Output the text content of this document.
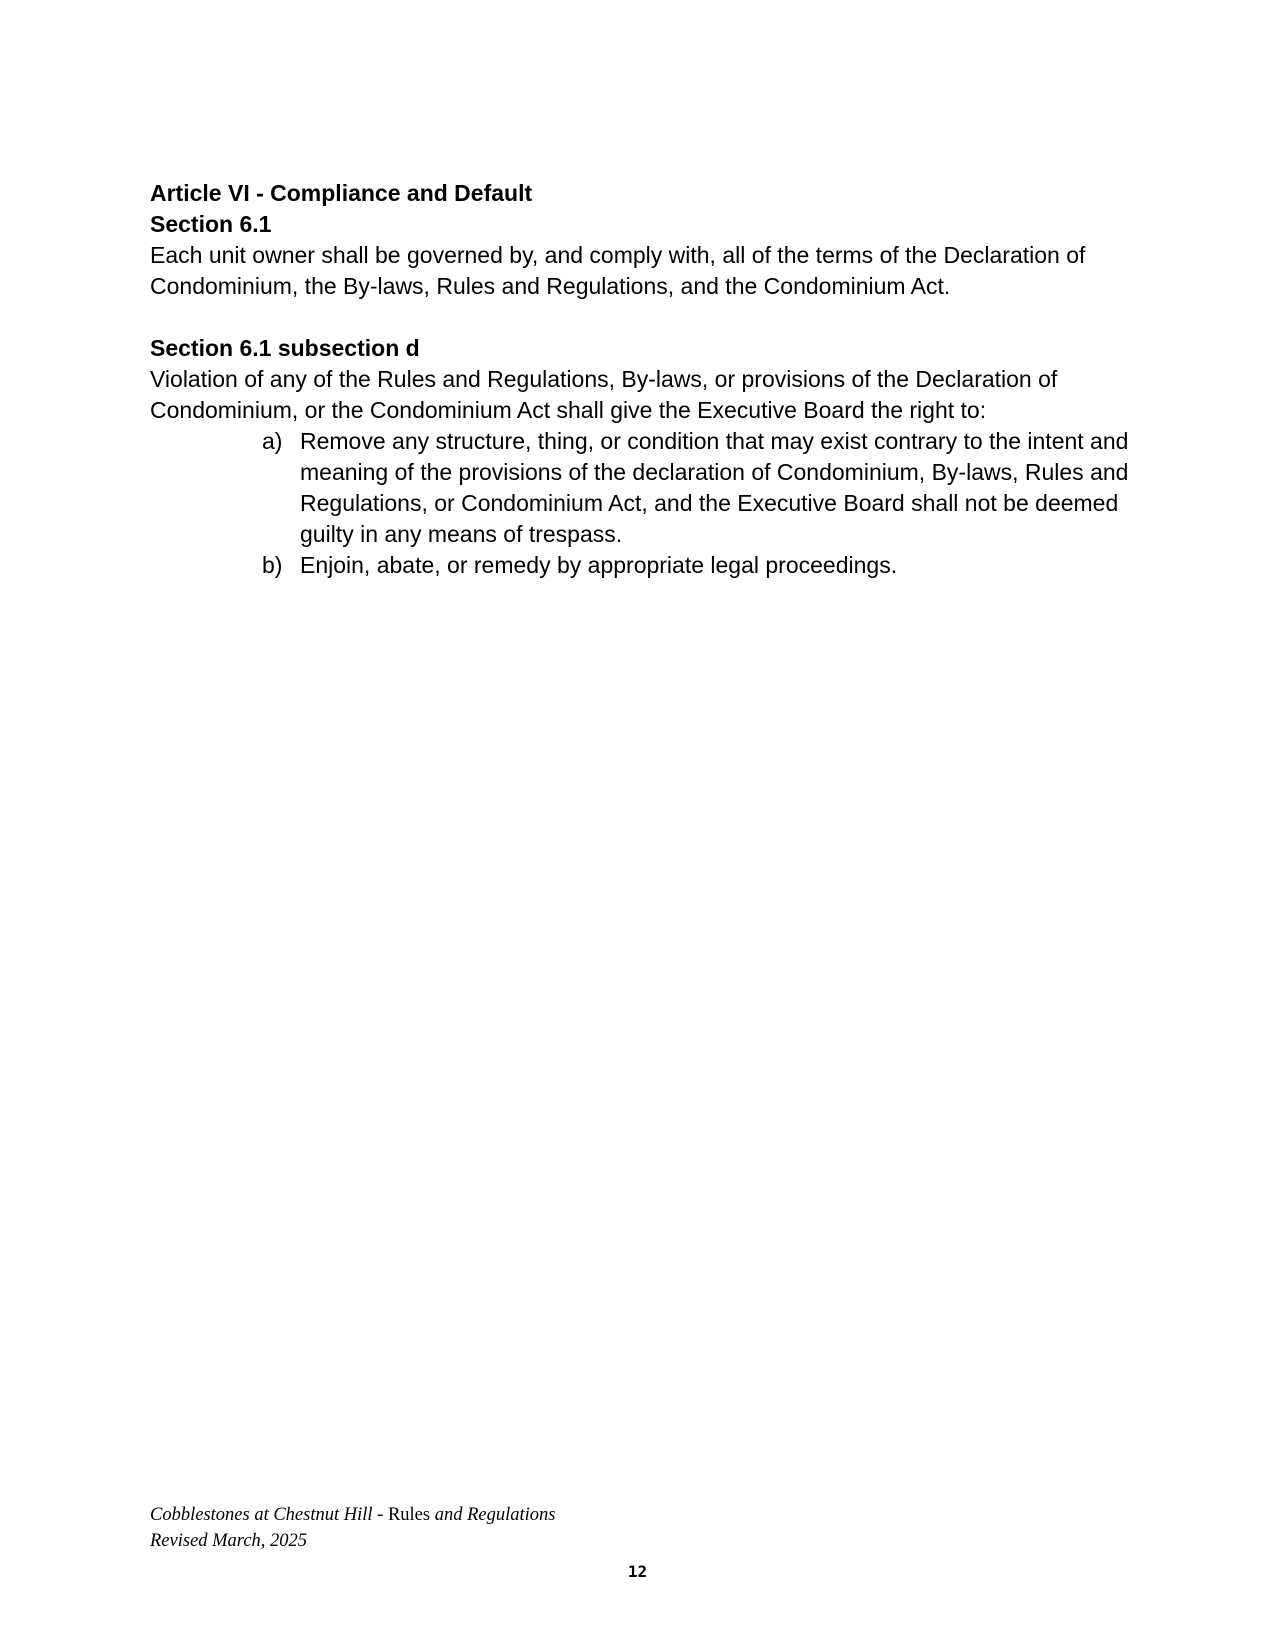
Article VI - Compliance and Default

Section 6.1

Each unit owner shall be governed by, and comply with, all of the terms of the Declaration of Condominium, the By-laws, Rules and Regulations, and the Condominium Act.

Section 6.1 subsection d

Violation of any of the Rules and Regulations, By-laws, or provisions of the Declaration of Condominium, or the Condominium Act shall give the Executive Board the right to:

a) Remove any structure, thing, or condition that may exist contrary to the intent and meaning of the provisions of the declaration of Condominium, By-laws, Rules and Regulations, or Condominium Act, and the Executive Board shall not be deemed guilty in any means of trespass.
b) Enjoin, abate, or remedy by appropriate legal proceedings.
Cobblestones at Chestnut Hill - Rules and Regulations
Revised March, 2025
12
